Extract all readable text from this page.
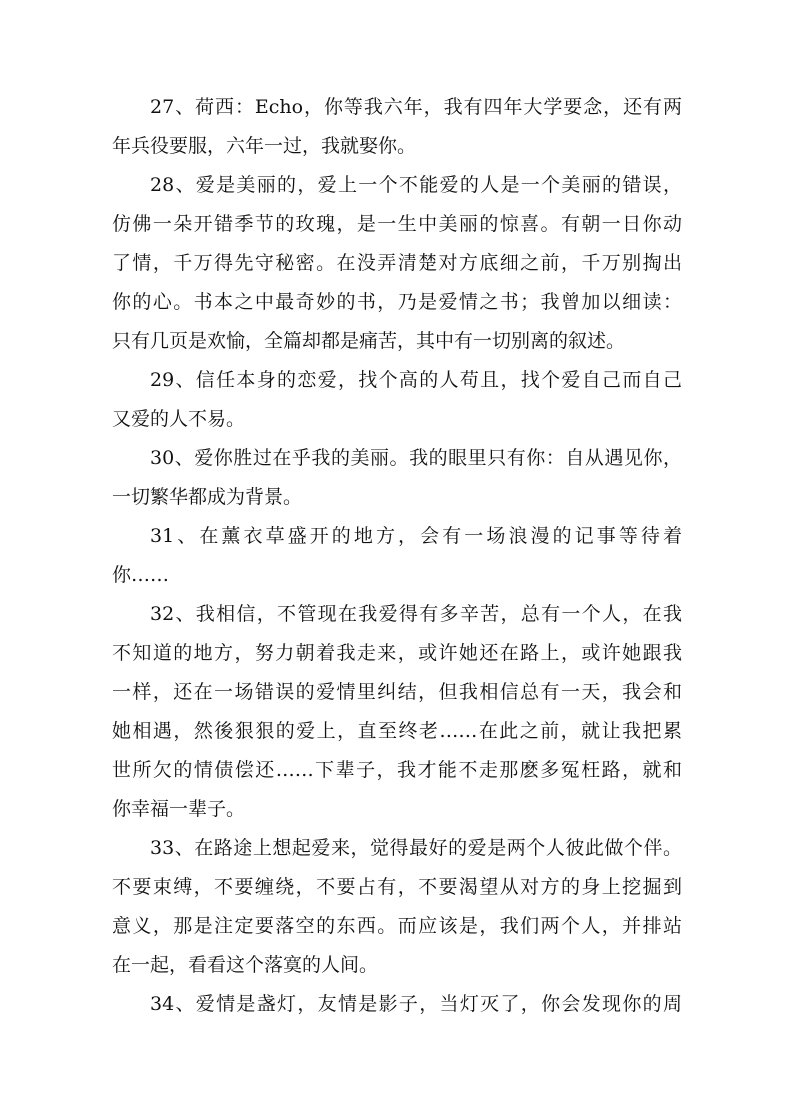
27、荷西：Echo，你等我六年，我有四年大学要念，还有两
年兵役要服，六年一过，我就娶你。
28、爱是美丽的，爱上一个不能爱的人是一个美丽的错误，
仿佛一朵开错季节的玫瑰，是一生中美丽的惊喜。有朝一日你动
了情，千万得先守秘密。在没弄清楚对方底细之前，千万别掏出
你的心。书本之中最奇妙的书，乃是爱情之书；我曾加以细读：
只有几页是欢愉，全篇却都是痛苦，其中有一切别离的叙述。
29、信任本身的恋爱，找个高的人苟且，找个爱自己而自己
又爱的人不易。
30、爱你胜过在乎我的美丽。我的眼里只有你：自从遇见你，
一切繁华都成为背景。
31、在薰衣草盛开的地方，会有一场浪漫的记事等待着
你……
32、我相信，不管现在我爱得有多辛苦，总有一个人，在我
不知道的地方，努力朝着我走来，或许她还在路上，或许她跟我
一样，还在一场错误的爱情里纠结，但我相信总有一天，我会和
她相遇，然後狠狠的爱上，直至终老……在此之前，就让我把累
世所欠的情债偿还……下辈子，我才能不走那麽多冤枉路，就和
你幸福一辈子。
33、在路途上想起爱来，觉得最好的爱是两个人彼此做个伴。
不要束缚，不要缠绕，不要占有，不要渴望从对方的身上挖掘到
意义，那是注定要落空的东西。而应该是，我们两个人，并排站
在一起，看看这个落寞的人间。
34、爱情是盏灯，友情是影子，当灯灭了，你会发现你的周
